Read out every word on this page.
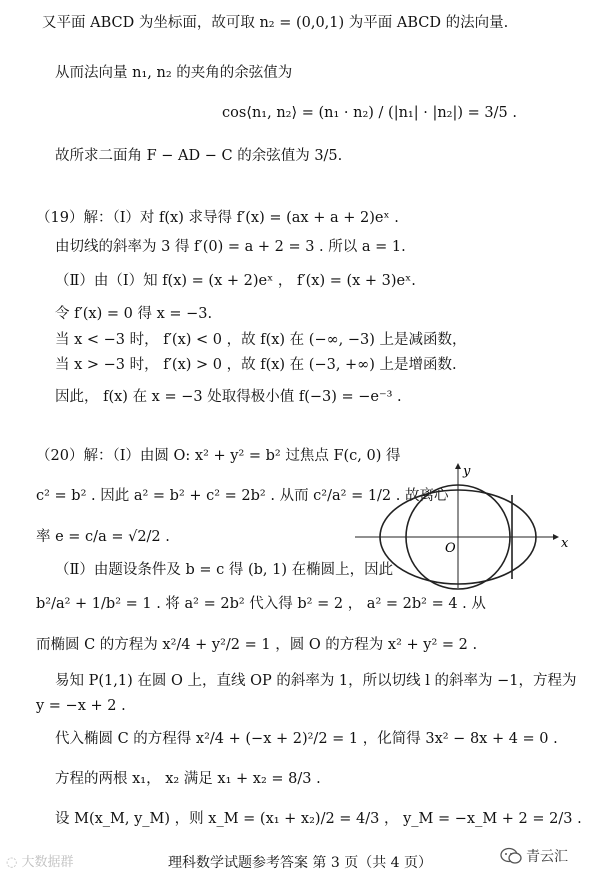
又平面 ABCD 为坐标面，故可取 n₂ = (0,0,1) 为平面 ABCD 的法向量.
从而法向量 n₁, n₂ 的夹角的余弦值为
cos⟨n₁, n₂⟩ = (n₁ · n₂) / (|n₁| · |n₂|) = 3/5 .
故所求二面角 F − AD − C 的余弦值为 3/5.
（19）解：（Ⅰ）对 f(x) 求导得 f′(x) = (ax + a + 2)eˣ .
由切线的斜率为 3 得 f′(0) = a + 2 = 3 . 所以 a = 1.
（Ⅱ）由（Ⅰ）知 f(x) = (x + 2)eˣ ， f′(x) = (x + 3)eˣ.
令 f′(x) = 0 得 x = −3.
当 x < −3 时， f′(x) < 0 ，故 f(x) 在 (−∞, −3) 上是减函数，
当 x > −3 时， f′(x) > 0 ，故 f(x) 在 (−3, +∞) 上是增函数.
因此， f(x) 在 x = −3 处取得极小值 f(−3) = −e⁻³ .
（20）解：（Ⅰ）由圆 O: x² + y² = b² 过焦点 F(c, 0) 得
c² = b² . 因此 a² = b² + c² = 2b² . 从而 c²/a² = 1/2 . 故离心
率 e = c/a = √2/2 .
（Ⅱ）由题设条件及 b = c 得 (b, 1) 在椭圆上，因此
b²/a² + 1/b² = 1 . 将 a² = 2b² 代入得 b² = 2 ， a² = 2b² = 4 . 从
而椭圆 C 的方程为 x²/4 + y²/2 = 1 ，圆 O 的方程为 x² + y² = 2 .
易知 P(1,1) 在圆 O 上，直线 OP 的斜率为 1，所以切线 l 的斜率为 −1，方程为
y = −x + 2 .
代入椭圆 C 的方程得 x²/4 + (−x + 2)²/2 = 1 ，化简得 3x² − 8x + 4 = 0 .
方程的两根 x₁， x₂ 满足 x₁ + x₂ = 8/3 .
设 M(x_M, y_M) ，则 x_M = (x₁ + x₂)/2 = 4/3 ， y_M = −x_M + 2 = 2/3 .
y
x
O
◌ 大数据群	理科数学试题参考答案 第 3 页（共 4 页）	青云汇
